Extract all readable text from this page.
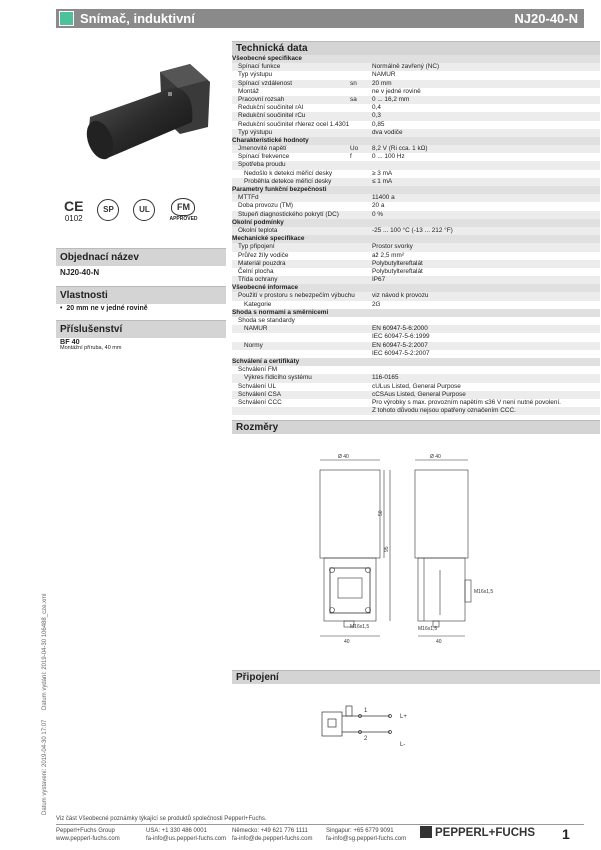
Snímač, induktivní	NJ20-40-N
Datum vystavení: 2019-04-30 17:07
Datum vydání: 2019-04-30 106488_cze.xml
CE
0102
SP	UL	FM
APPROVED
Objednací název
NJ20-40-N
Vlastnosti
•  20 mm ne v jedné rovině
Příslušenství
BF 40
Montážní příruba, 40 mm
Technická data
Všeobecné specifikace
Spínací funkce	Normálně zavřený (NC)
Typ výstupu	NAMUR
Spínací vzdálenost	sn	20 mm
Montáž	ne v jedné rovině
Pracovní rozsah	sa	0 ... 16,2 mm
Redukční součinitel rAl	0,4
Redukční součinitel rCu	0,3
Redukční součinitel rNerez ocel 1.4301	0,85
Typ výstupu	dva vodiče
Charakteristické hodnoty
Jmenovité napětí	Uo	8,2 V (Ri cca. 1 kΩ)
Spínací frekvence	f	0 ... 100 Hz
Spotřeba proudu
Nedošlo k detekci měřicí desky	≥ 3 mA
Proběhla detekce měřicí desky	≤ 1 mA
Parametry funkční bezpečnosti
MTTFd	11400 a
Doba provozu (TM)	20 a
Stupeň diagnostického pokrytí (DC)	0 %
Okolní podmínky
Okolní teplota	-25 ... 100 °C (-13 ... 212 °F)
Mechanické specifikace
Typ připojení	Prostor svorky
Průřez žíly vodiče	až 2,5 mm²
Materiál pouzdra	Polybutyltereftalát
Čelní plocha	Polybutyltereftalát
Třída ochrany	IP67
Všeobecné informace
Použití v prostoru s nebezpečím výbuchu	viz návod k provozu
Kategorie	2G
Shoda s normami a směrnicemi
Shoda se standardy
NAMUR	EN 60947-5-6:2000
IEC 60947-5-6:1999
Normy	EN 60947-5-2:2007
IEC 60947-5-2:2007
Schválení a certifikáty
Schválení FM
Výkres řídicího systému	116-0165
Schválení UL	cULus Listed, General Purpose
Schválení CSA	cCSAus Listed, General Purpose
Schválení CCC	Pro výrobky s max. provozním napětím ≤36 V není nutné povolení.
Z tohoto důvodu nejsou opatřeny označením CCC.
Rozměry
Ø 40
50
95
40
M16x1,5
Ø 40
M16x1,5
M16x1,5
40
Připojení
1
2
L+
L-
Viz část Všeobecné poznámky týkající se produktů společnosti Pepperl+Fuchs.
Pepperl+Fuchs Group
www.pepperl-fuchs.com
USA: +1 330 486 0001
fa-info@us.pepperl-fuchs.com
Německo: +49 621 776 1111
fa-info@de.pepperl-fuchs.com
Singapur: +65 6779 9091
fa-info@sg.pepperl-fuchs.com	PEPPERL+FUCHS 1
